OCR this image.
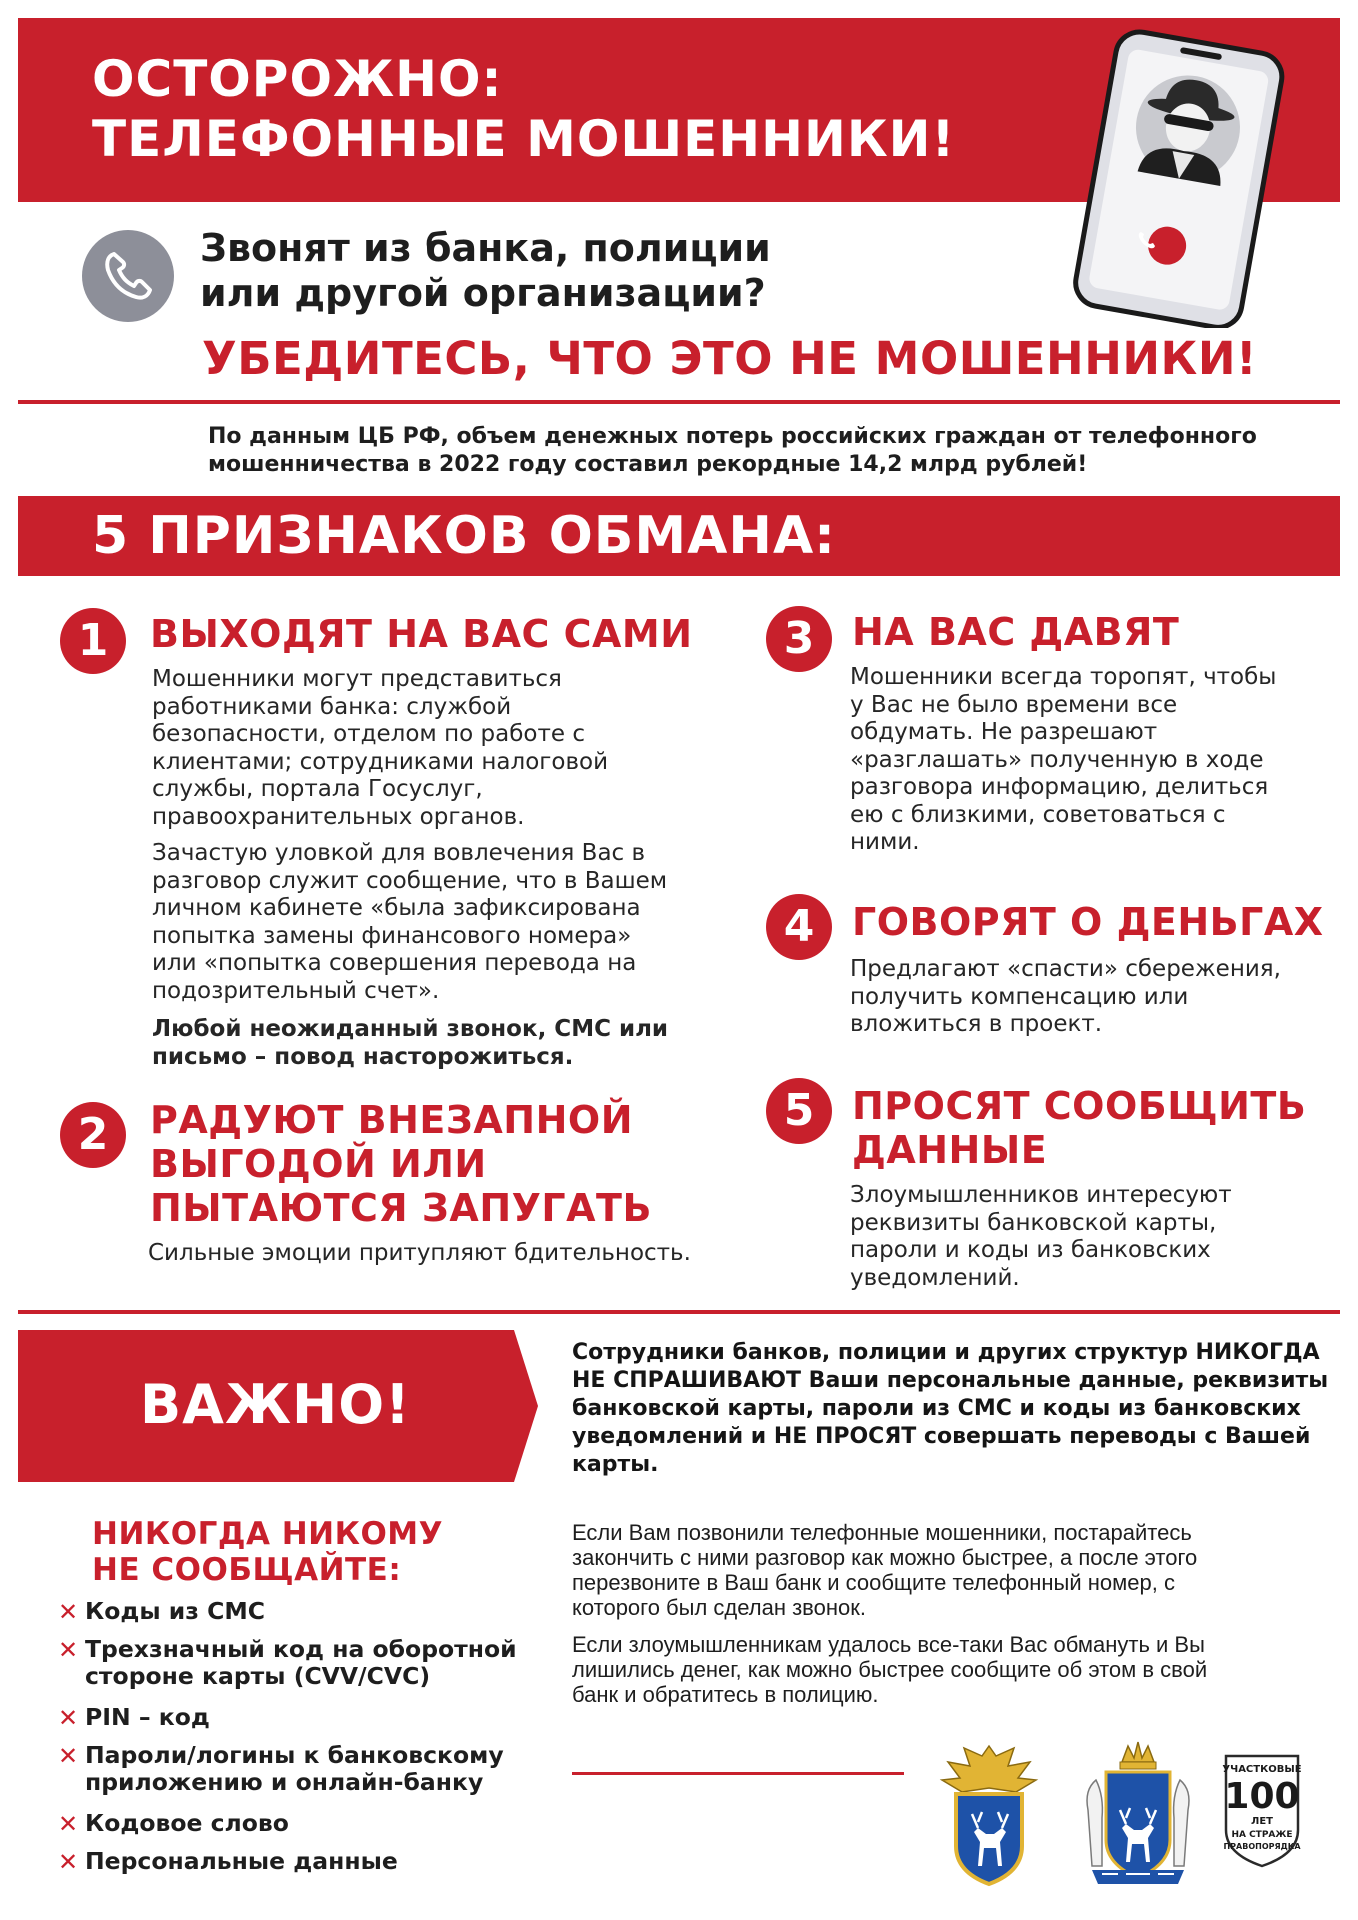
ОСТОРОЖНО:
ТЕЛЕФОННЫЕ МОШЕННИКИ!
Звонят из банка, полиции
или другой организации?
УБЕДИТЕСЬ, ЧТО ЭТО НЕ МОШЕННИКИ!
По данным ЦБ РФ, объем денежных потерь российских граждан от телефонного
мошенничества в 2022 году составил рекордные 14,2 млрд рублей!
5 ПРИЗНАКОВ ОБМАНА:
1	ВЫХОДЯТ НА ВАС САМИ
Мошенники могут представиться
работниками банка: службой
безопасности, отделом по работе с
клиентами; сотрудниками налоговой
службы, портала Госуслуг,
правоохранительных органов.
Зачастую уловкой для вовлечения Вас в
разговор служит сообщение, что в Вашем
личном кабинете «была зафиксирована
попытка замены финансового номера»
или «попытка совершения перевода на
подозрительный счет».
Любой неожиданный звонок, СМС или
письмо – повод насторожиться.
2	РАДУЮТ ВНЕЗАПНОЙ
ВЫГОДОЙ ИЛИ
ПЫТАЮТСЯ ЗАПУГАТЬ
Сильные эмоции притупляют бдительность.
3 НА ВАС ДАВЯТ
Мошенники всегда торопят, чтобы
у Вас не было времени все
обдумать. Не разрешают
«разглашать» полученную в ходе
разговора информацию, делиться
ею с близкими, советоваться с
ними.
4 ГОВОРЯТ О ДЕНЬГАХ
Предлагают «спасти» сбережения,
получить компенсацию или
вложиться в проект.
5 ПРОСЯТ СООБЩИТЬ
ДАННЫЕ
Злоумышленников интересуют
реквизиты банковской карты,
пароли и коды из банковских
уведомлений.
ВАЖНО!
Сотрудники банков, полиции и других структур НИКОГДА
НЕ СПРАШИВАЮТ Ваши персональные данные, реквизиты
банковской карты, пароли из СМС и коды из банковских
уведомлений и НЕ ПРОСЯТ совершать переводы с Вашей
карты.
Если Вам позвонили телефонные мошенники, постарайтесь
закончить с ними разговор как можно быстрее, а после этого
перезвоните в Ваш банк и сообщите телефонный номер, с
которого был сделан звонок.
Если злоумышленникам удалось все-таки Вас обмануть и Вы
лишились денег, как можно быстрее сообщите об этом в свой
банк и обратитесь в полицию.
НИКОГДА НИКОМУ
НЕ СООБЩАЙТЕ:
✕ Коды из СМС
✕ Трехзначный код на оборотной
стороне карты (CVV/CVC)
✕ PIN – код
✕ Пароли/логины к банковскому
приложению и онлайн-банку
✕ Кодовое слово
✕ Персональные данные
УЧАСТКОВЫЕ
100
ЛЕТ
НА СТРАЖЕ
ПРАВОПОРЯДКА
